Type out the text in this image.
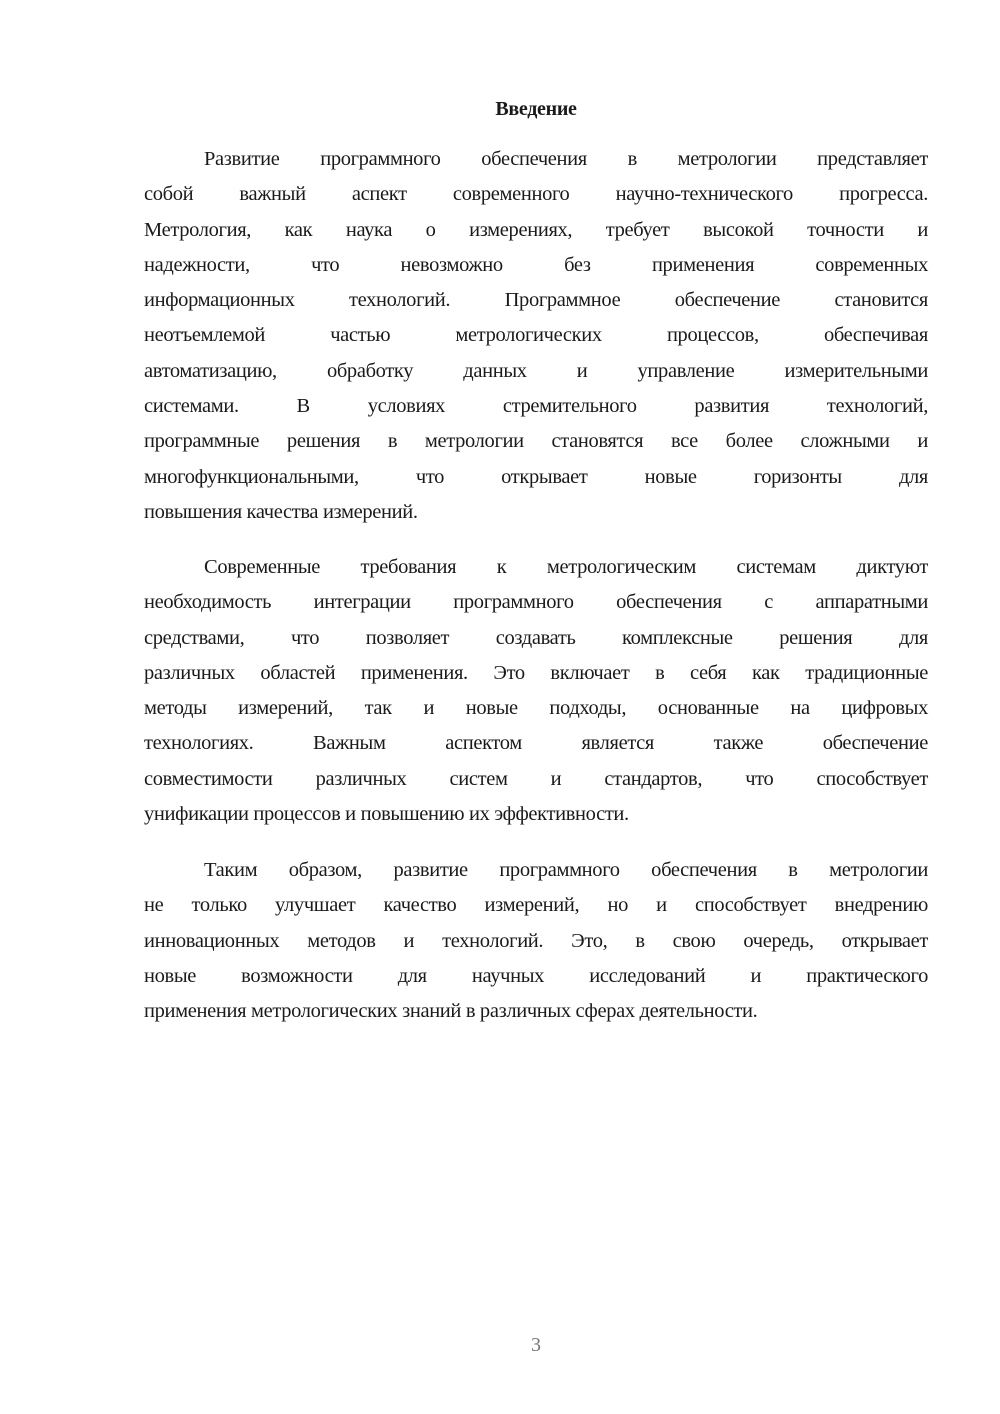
Введение
Развитие программного обеспечения в метрологии представляет
собой важный аспект современного научно-технического прогресса.
Метрология, как наука о измерениях, требует высокой точности и
надежности, что невозможно без применения современных
информационных технологий. Программное обеспечение становится
неотъемлемой частью метрологических процессов, обеспечивая
автоматизацию, обработку данных и управление измерительными
системами. В условиях стремительного развития технологий,
программные решения в метрологии становятся все более сложными и
многофункциональными, что открывает новые горизонты для
повышения качества измерений.
Современные требования к метрологическим системам диктуют
необходимость интеграции программного обеспечения с аппаратными
средствами, что позволяет создавать комплексные решения для
различных областей применения. Это включает в себя как традиционные
методы измерений, так и новые подходы, основанные на цифровых
технологиях. Важным аспектом является также обеспечение
совместимости различных систем и стандартов, что способствует
унификации процессов и повышению их эффективности.
Таким образом, развитие программного обеспечения в метрологии
не только улучшает качество измерений, но и способствует внедрению
инновационных методов и технологий. Это, в свою очередь, открывает
новые возможности для научных исследований и практического
применения метрологических знаний в различных сферах деятельности.
3
